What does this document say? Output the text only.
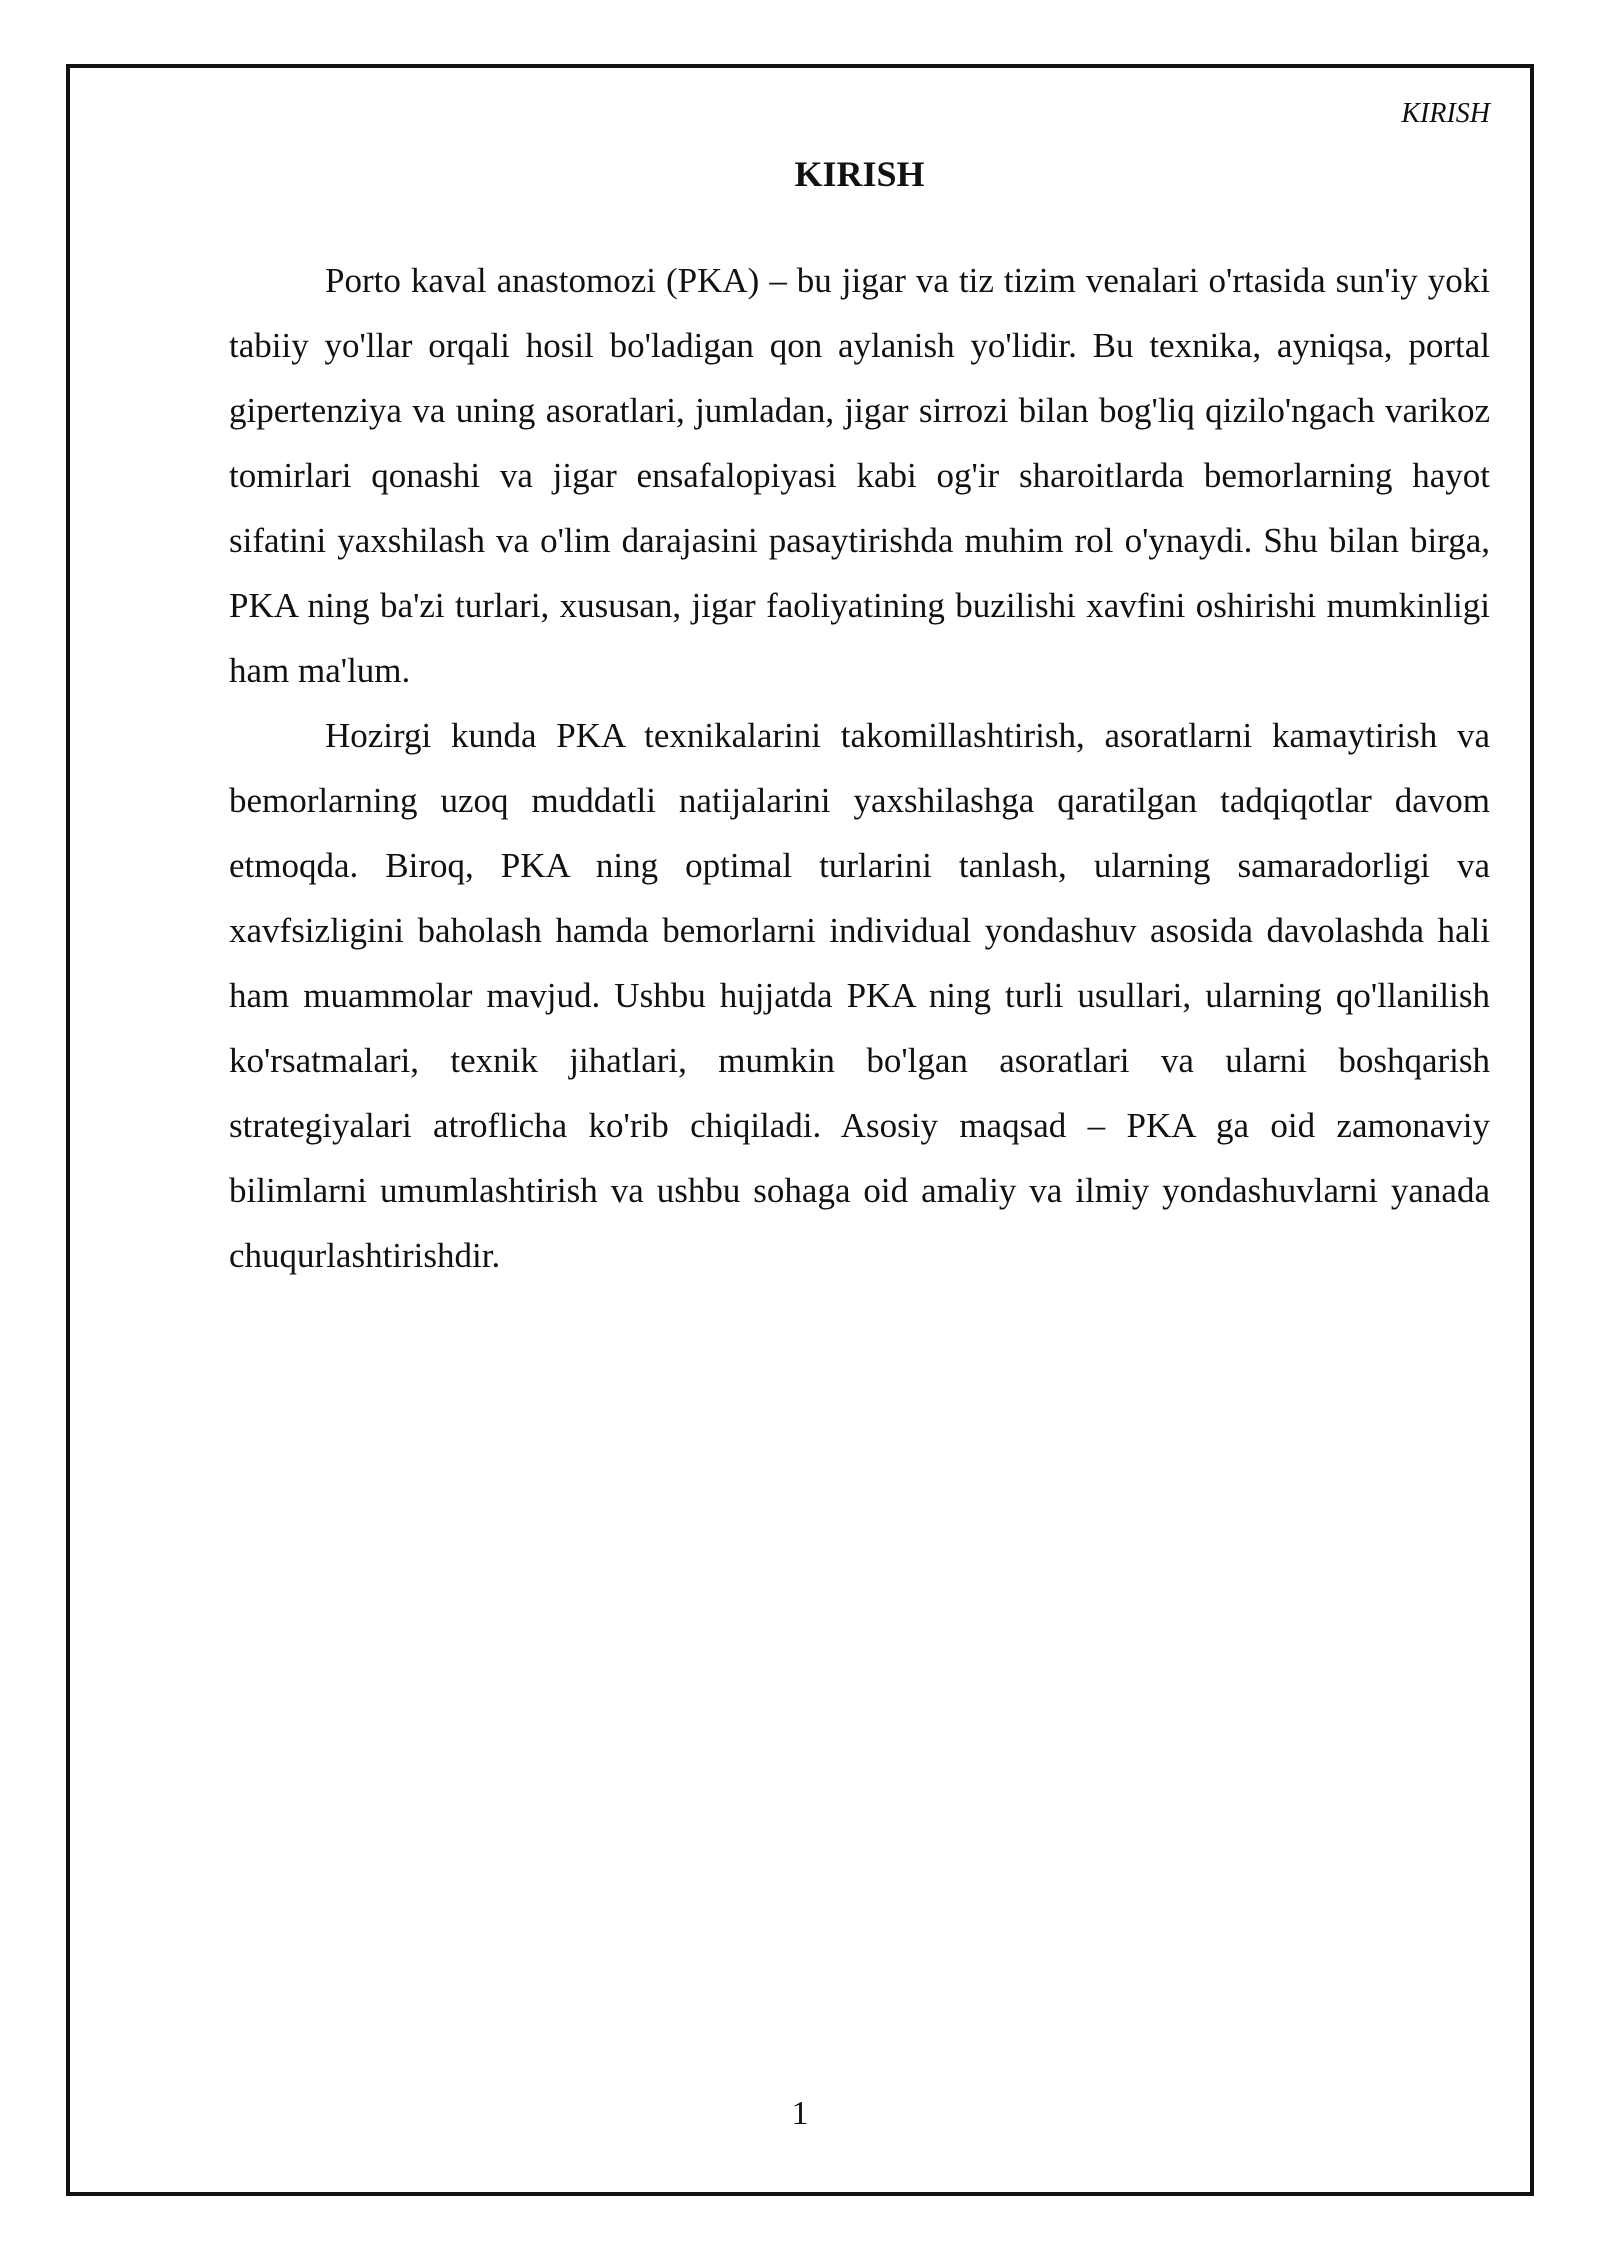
KIRISH
KIRISH

Porto kaval anastomozi (PKA) – bu jigar va tiz tizim venalari o'rtasida sun'iy yoki tabiiy yo'llar orqali hosil bo'ladigan qon aylanish yo'lidir. Bu texnika, ayniqsa, portal gipertenziya va uning asoratlari, jumladan, jigar sirrozi bilan bog'liq qizilo'ngach varikoz tomirlari qonashi va jigar ensafalopiyasi kabi og'ir sharoitlarda bemorlarning hayot sifatini yaxshilash va o'lim darajasini pasaytirishda muhim rol o'ynaydi. Shu bilan birga, PKA ning ba'zi turlari, xususan, jigar faoliyatining buzilishi xavfini oshirishi mumkinligi ham ma'lum.

Hozirgi kunda PKA texnikalarini takomillashtirish, asoratlarni kamaytirish va bemorlarning uzoq muddatli natijalarini yaxshilashga qaratilgan tadqiqotlar davom etmoqda. Biroq, PKA ning optimal turlarini tanlash, ularning samaradorligi va xavfsizligini baholash hamda bemorlarni individual yondashuv asosida davolashda hali ham muammolar mavjud. Ushbu hujjatda PKA ning turli usullari, ularning qo'llanilish ko'rsatmalari, texnik jihatlari, mumkin bo'lgan asoratlari va ularni boshqarish strategiyalari atroflicha ko'rib chiqiladi. Asosiy maqsad – PKA ga oid zamonaviy bilimlarni umumlashtirish va ushbu sohaga oid amaliy va ilmiy yondashuvlarni yanada chuqurlashtirishdir.

1
